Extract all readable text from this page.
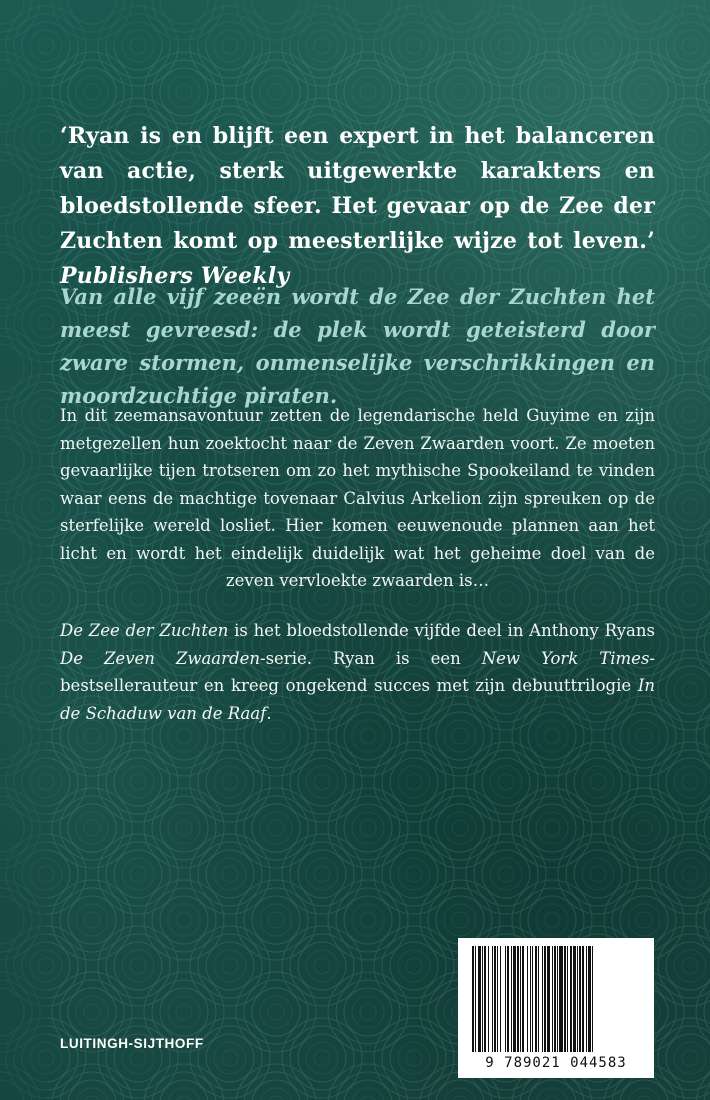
‘Ryan is en blijft een expert in het balanceren van actie, sterk uitgewerkte karakters en bloedstollende sfeer. Het gevaar op de Zee der Zuchten komt op meesterlijke wijze tot leven.’ Publishers Weekly
Van alle vijf zeeën wordt de Zee der Zuchten het meest gevreesd: de plek wordt geteisterd door zware stormen, onmenselijke verschrikkingen en moordzuchtige piraten.
In dit zeemansavontuur zetten de legendarische held Guyime en zijn metgezellen hun zoektocht naar de Zeven Zwaarden voort. Ze moeten gevaarlijke tijen trotseren om zo het mythische Spookeiland te vinden waar eens de machtige tovenaar Calvius Arkelion zijn spreuken op de sterfelijke wereld losliet. Hier komen eeuwenoude plannen aan het licht en wordt het eindelijk duidelijk wat het geheime doel van de zeven vervloekte zwaarden is…
De Zee der Zuchten is het bloedstollende vijfde deel in Anthony Ryans De Zeven Zwaarden-serie. Ryan is een New York Times-bestsellerauteur en kreeg ongekend succes met zijn debuuttrilogie In de Schaduw van de Raaf.
LUITINGH-SIJTHOFF
9 789021 044583
